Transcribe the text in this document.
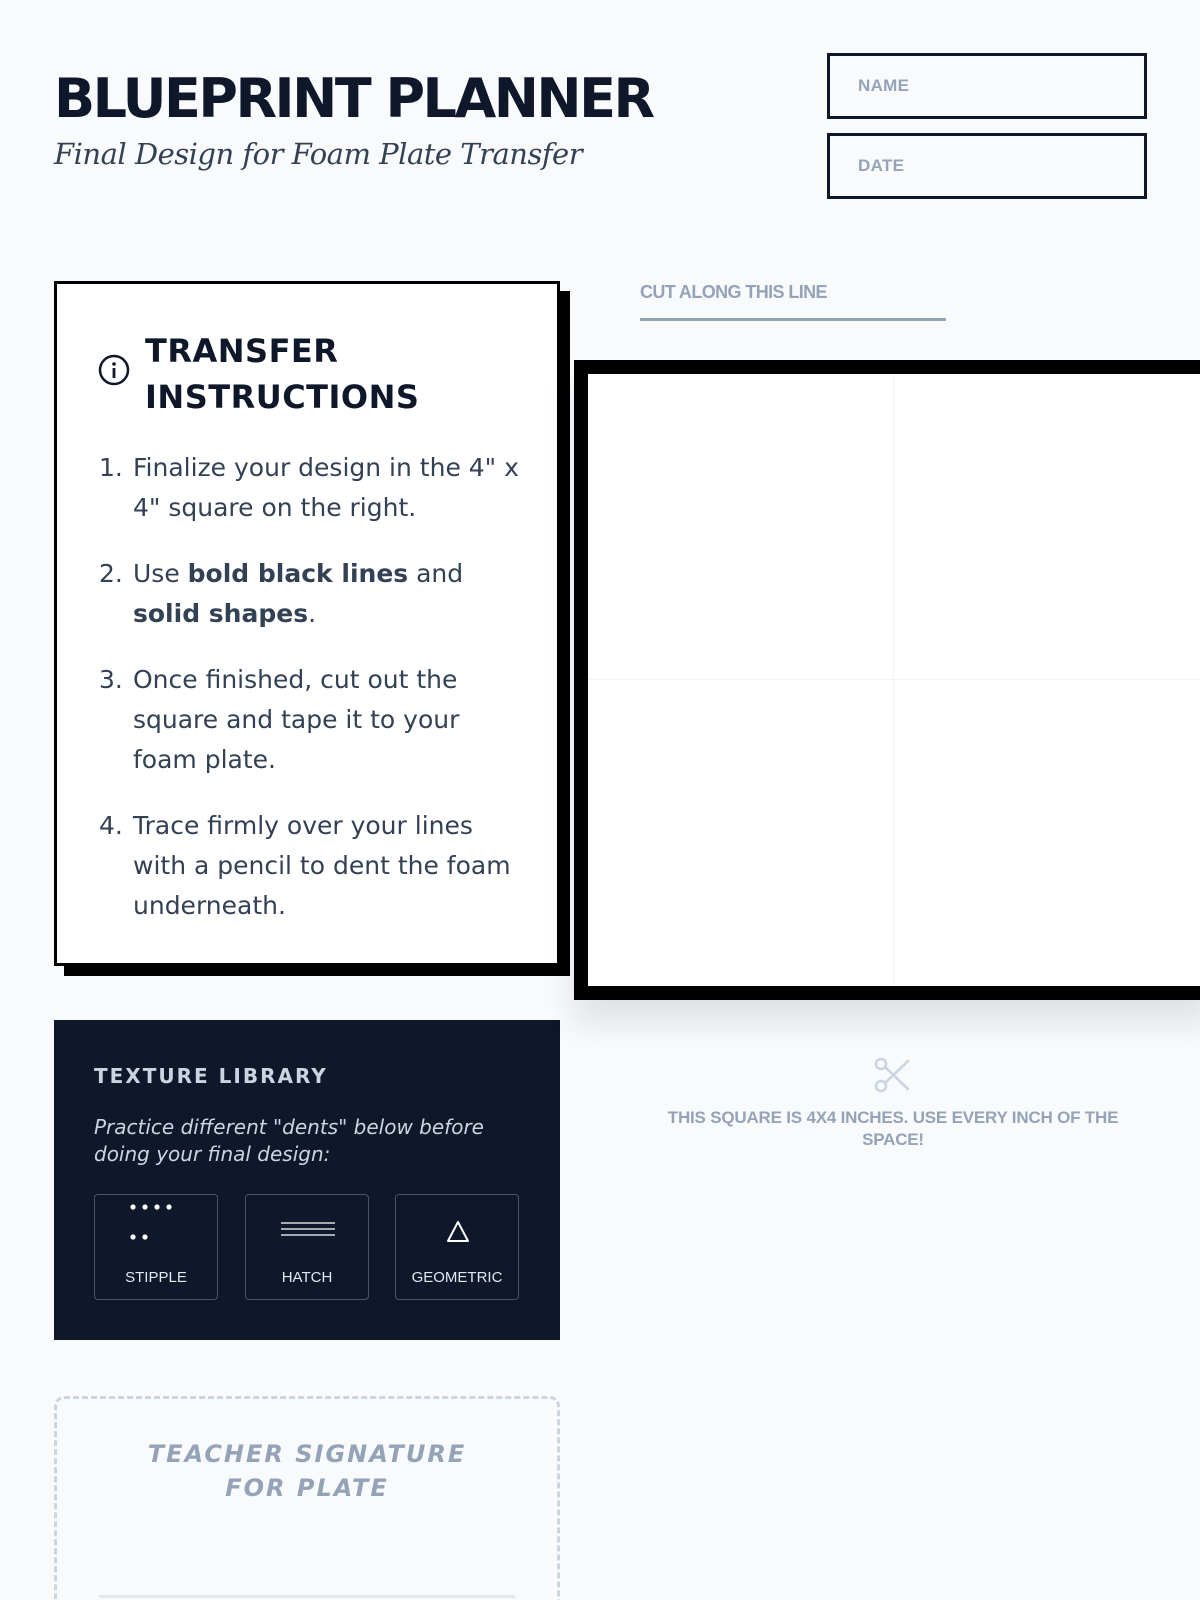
BLUEPRINT PLANNER
Final Design for Foam Plate Transfer
NAME
DATE
TRANSFER
INSTRUCTIONS
1. Finalize your design in the 4" x 4" square on the right.
2. Use bold black lines and solid shapes.
3. Once finished, cut out the square and tape it to your foam plate.
4. Trace firmly over your lines with a pencil to dent the foam underneath.
TEXTURE LIBRARY
Practice different "dents" below before doing your final design:
STIPPLE	HATCH	GEOMETRIC
TEACHER SIGNATURE FOR PLATE
CUT ALONG THIS LINE
THIS SQUARE IS 4X4 INCHES. USE EVERY INCH OF THE SPACE!
